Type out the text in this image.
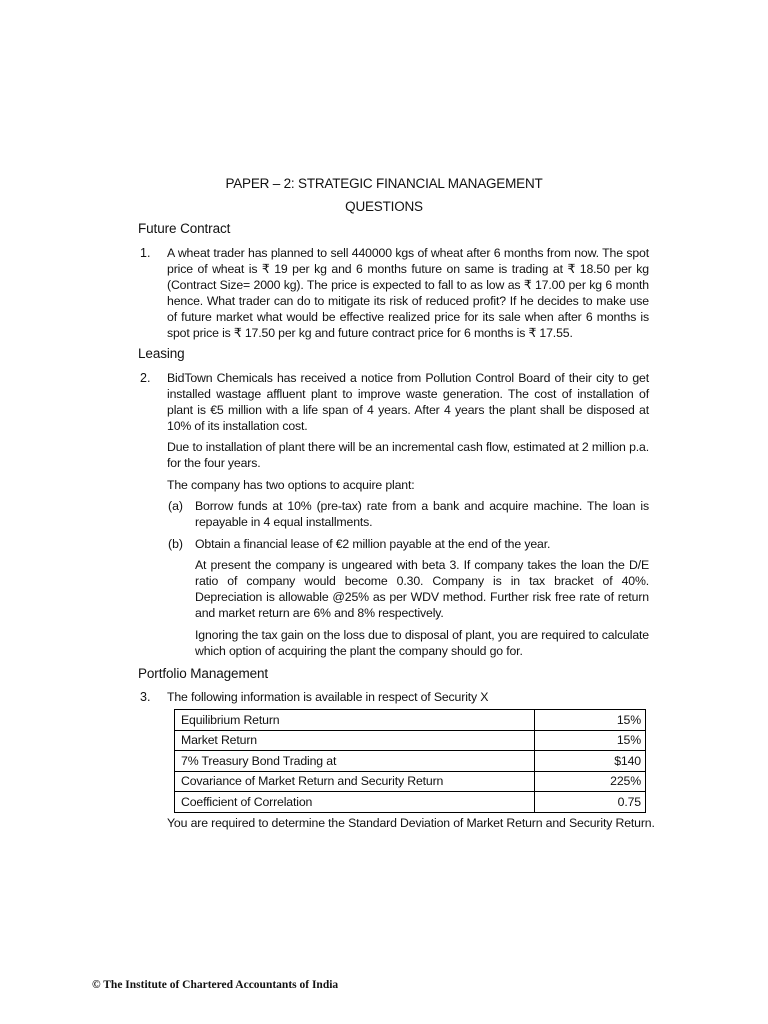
PAPER – 2: STRATEGIC FINANCIAL MANAGEMENT
QUESTIONS
Future Contract
1. A wheat trader has planned to sell 440000 kgs of wheat after 6 months from now. The spot price of wheat is ₹ 19 per kg and 6 months future on same is trading at ₹ 18.50 per kg (Contract Size= 2000 kg). The price is expected to fall to as low as ₹ 17.00 per kg 6 month hence. What trader can do to mitigate its risk of reduced profit? If he decides to make use of future market what would be effective realized price for its sale when after 6 months is spot price is ₹ 17.50 per kg and future contract price for 6 months is ₹ 17.55.
Leasing
2. BidTown Chemicals has received a notice from Pollution Control Board of their city to get installed wastage affluent plant to improve waste generation. The cost of installation of plant is €5 million with a life span of 4 years. After 4 years the plant shall be disposed at 10% of its installation cost.
Due to installation of plant there will be an incremental cash flow, estimated at 2 million p.a. for the four years.
The company has two options to acquire plant:
(a) Borrow funds at 10% (pre-tax) rate from a bank and acquire machine. The loan is repayable in 4 equal installments.
(b) Obtain a financial lease of €2 million payable at the end of the year.
At present the company is ungeared with beta 3. If company takes the loan the D/E ratio of company would become 0.30. Company is in tax bracket of 40%. Depreciation is allowable @25% as per WDV method. Further risk free rate of return and market return are 6% and 8% respectively.
Ignoring the tax gain on the loss due to disposal of plant, you are required to calculate which option of acquiring the plant the company should go for.
Portfolio Management
3. The following information is available in respect of Security X
Equilibrium Return	15%
Market Return	15%
7% Treasury Bond Trading at	$140
Covariance of Market Return and Security Return	225%
Coefficient of Correlation	0.75
You are required to determine the Standard Deviation of Market Return and Security Return.
© The Institute of Chartered Accountants of India
